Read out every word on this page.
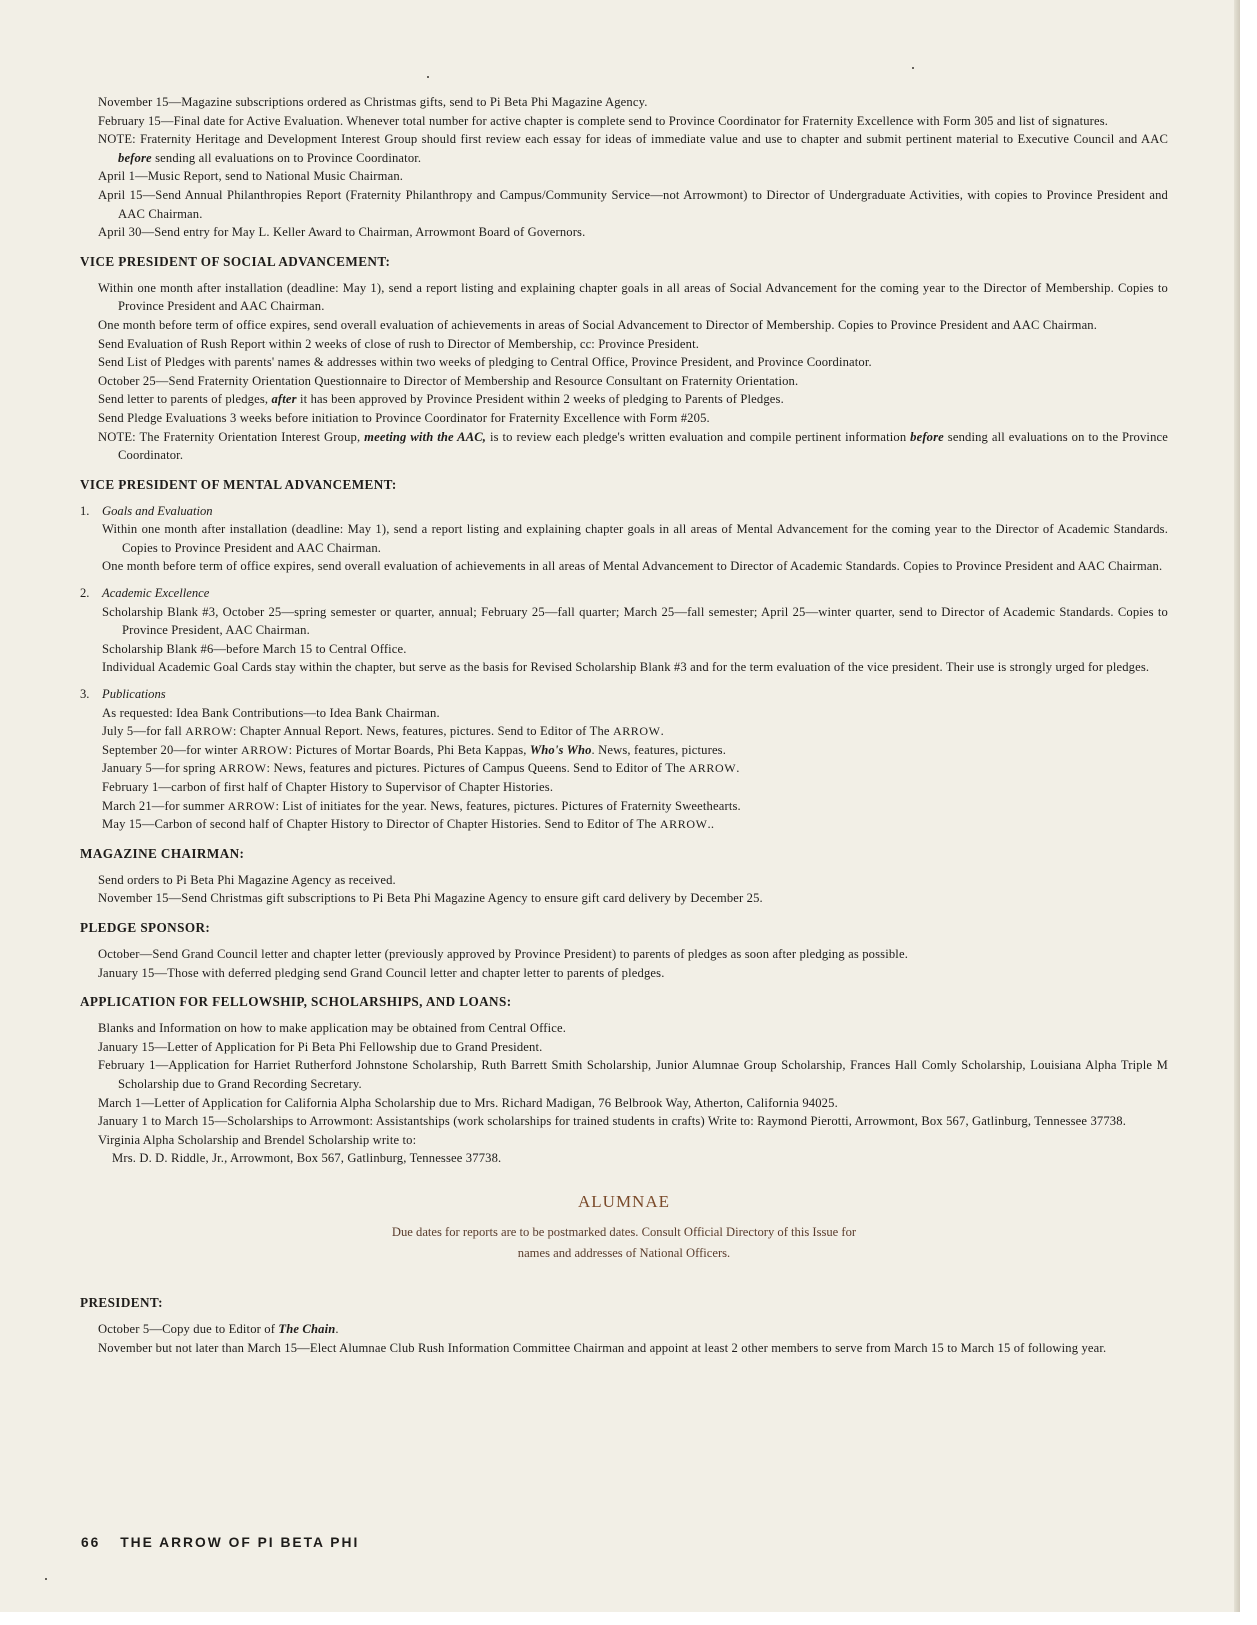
November 15—Magazine subscriptions ordered as Christmas gifts, send to Pi Beta Phi Magazine Agency.
February 15—Final date for Active Evaluation. Whenever total number for active chapter is complete send to Province Coordinator for Fraternity Excellence with Form 305 and list of signatures.
NOTE: Fraternity Heritage and Development Interest Group should first review each essay for ideas of immediate value and use to chapter and submit pertinent material to Executive Council and AAC before sending all evaluations on to Province Coordinator.
April 1—Music Report, send to National Music Chairman.
April 15—Send Annual Philanthropies Report (Fraternity Philanthropy and Campus/Community Service—not Arrowmont) to Director of Undergraduate Activities, with copies to Province President and AAC Chairman.
April 30—Send entry for May L. Keller Award to Chairman, Arrowmont Board of Governors.
VICE PRESIDENT OF SOCIAL ADVANCEMENT:
Within one month after installation (deadline: May 1), send a report listing and explaining chapter goals in all areas of Social Advancement for the coming year to the Director of Membership. Copies to Province President and AAC Chairman.
One month before term of office expires, send overall evaluation of achievements in areas of Social Advancement to Director of Membership. Copies to Province President and AAC Chairman.
Send Evaluation of Rush Report within 2 weeks of close of rush to Director of Membership, cc: Province President.
Send List of Pledges with parents' names & addresses within two weeks of pledging to Central Office, Province President, and Province Coordinator.
October 25—Send Fraternity Orientation Questionnaire to Director of Membership and Resource Consultant on Fraternity Orientation.
Send letter to parents of pledges, after it has been approved by Province President within 2 weeks of pledging to Parents of Pledges.
Send Pledge Evaluations 3 weeks before initiation to Province Coordinator for Fraternity Excellence with Form #205.
NOTE: The Fraternity Orientation Interest Group, meeting with the AAC, is to review each pledge's written evaluation and compile pertinent information before sending all evaluations on to the Province Coordinator.
VICE PRESIDENT OF MENTAL ADVANCEMENT:
1. Goals and Evaluation
Within one month after installation (deadline: May 1), send a report listing and explaining chapter goals in all areas of Mental Advancement for the coming year to the Director of Academic Standards. Copies to Province President and AAC Chairman.
One month before term of office expires, send overall evaluation of achievements in all areas of Mental Advancement to Director of Academic Standards. Copies to Province President and AAC Chairman.
2. Academic Excellence
Scholarship Blank #3, October 25—spring semester or quarter, annual; February 25—fall quarter; March 25—fall semester; April 25—winter quarter, send to Director of Academic Standards. Copies to Province President, AAC Chairman.
Scholarship Blank #6—before March 15 to Central Office.
Individual Academic Goal Cards stay within the chapter, but serve as the basis for Revised Scholarship Blank #3 and for the term evaluation of the vice president. Their use is strongly urged for pledges.
3. Publications
As requested: Idea Bank Contributions—to Idea Bank Chairman.
July 5—for fall ARROW: Chapter Annual Report. News, features, pictures. Send to Editor of The ARROW.
September 20—for winter ARROW: Pictures of Mortar Boards, Phi Beta Kappas, Who's Who. News, features, pictures.
January 5—for spring ARROW: News, features and pictures. Pictures of Campus Queens. Send to Editor of The ARROW.
February 1—carbon of first half of Chapter History to Supervisor of Chapter Histories.
March 21—for summer ARROW: List of initiates for the year. News, features, pictures. Pictures of Fraternity Sweethearts.
May 15—Carbon of second half of Chapter History to Director of Chapter Histories. Send to Editor of The ARROW..
MAGAZINE CHAIRMAN:
Send orders to Pi Beta Phi Magazine Agency as received.
November 15—Send Christmas gift subscriptions to Pi Beta Phi Magazine Agency to ensure gift card delivery by December 25.
PLEDGE SPONSOR:
October—Send Grand Council letter and chapter letter (previously approved by Province President) to parents of pledges as soon after pledging as possible.
January 15—Those with deferred pledging send Grand Council letter and chapter letter to parents of pledges.
APPLICATION FOR FELLOWSHIP, SCHOLARSHIPS, AND LOANS:
Blanks and Information on how to make application may be obtained from Central Office.
January 15—Letter of Application for Pi Beta Phi Fellowship due to Grand President.
February 1—Application for Harriet Rutherford Johnstone Scholarship, Ruth Barrett Smith Scholarship, Junior Alumnae Group Scholarship, Frances Hall Comly Scholarship, Louisiana Alpha Triple M Scholarship due to Grand Recording Secretary.
March 1—Letter of Application for California Alpha Scholarship due to Mrs. Richard Madigan, 76 Belbrook Way, Atherton, California 94025.
January 1 to March 15—Scholarships to Arrowmont: Assistantships (work scholarships for trained students in crafts) Write to: Raymond Pierotti, Arrowmont, Box 567, Gatlinburg, Tennessee 37738.
Virginia Alpha Scholarship and Brendel Scholarship write to:
Mrs. D. D. Riddle, Jr., Arrowmont, Box 567, Gatlinburg, Tennessee 37738.
ALUMNAE
Due dates for reports are to be postmarked dates. Consult Official Directory of this Issue for
names and addresses of National Officers.
PRESIDENT:
October 5—Copy due to Editor of The Chain.
November but not later than March 15—Elect Alumnae Club Rush Information Committee Chairman and appoint at least 2 other members to serve from March 15 to March 15 of following year.
66 THE ARROW OF PI BETA PHI
